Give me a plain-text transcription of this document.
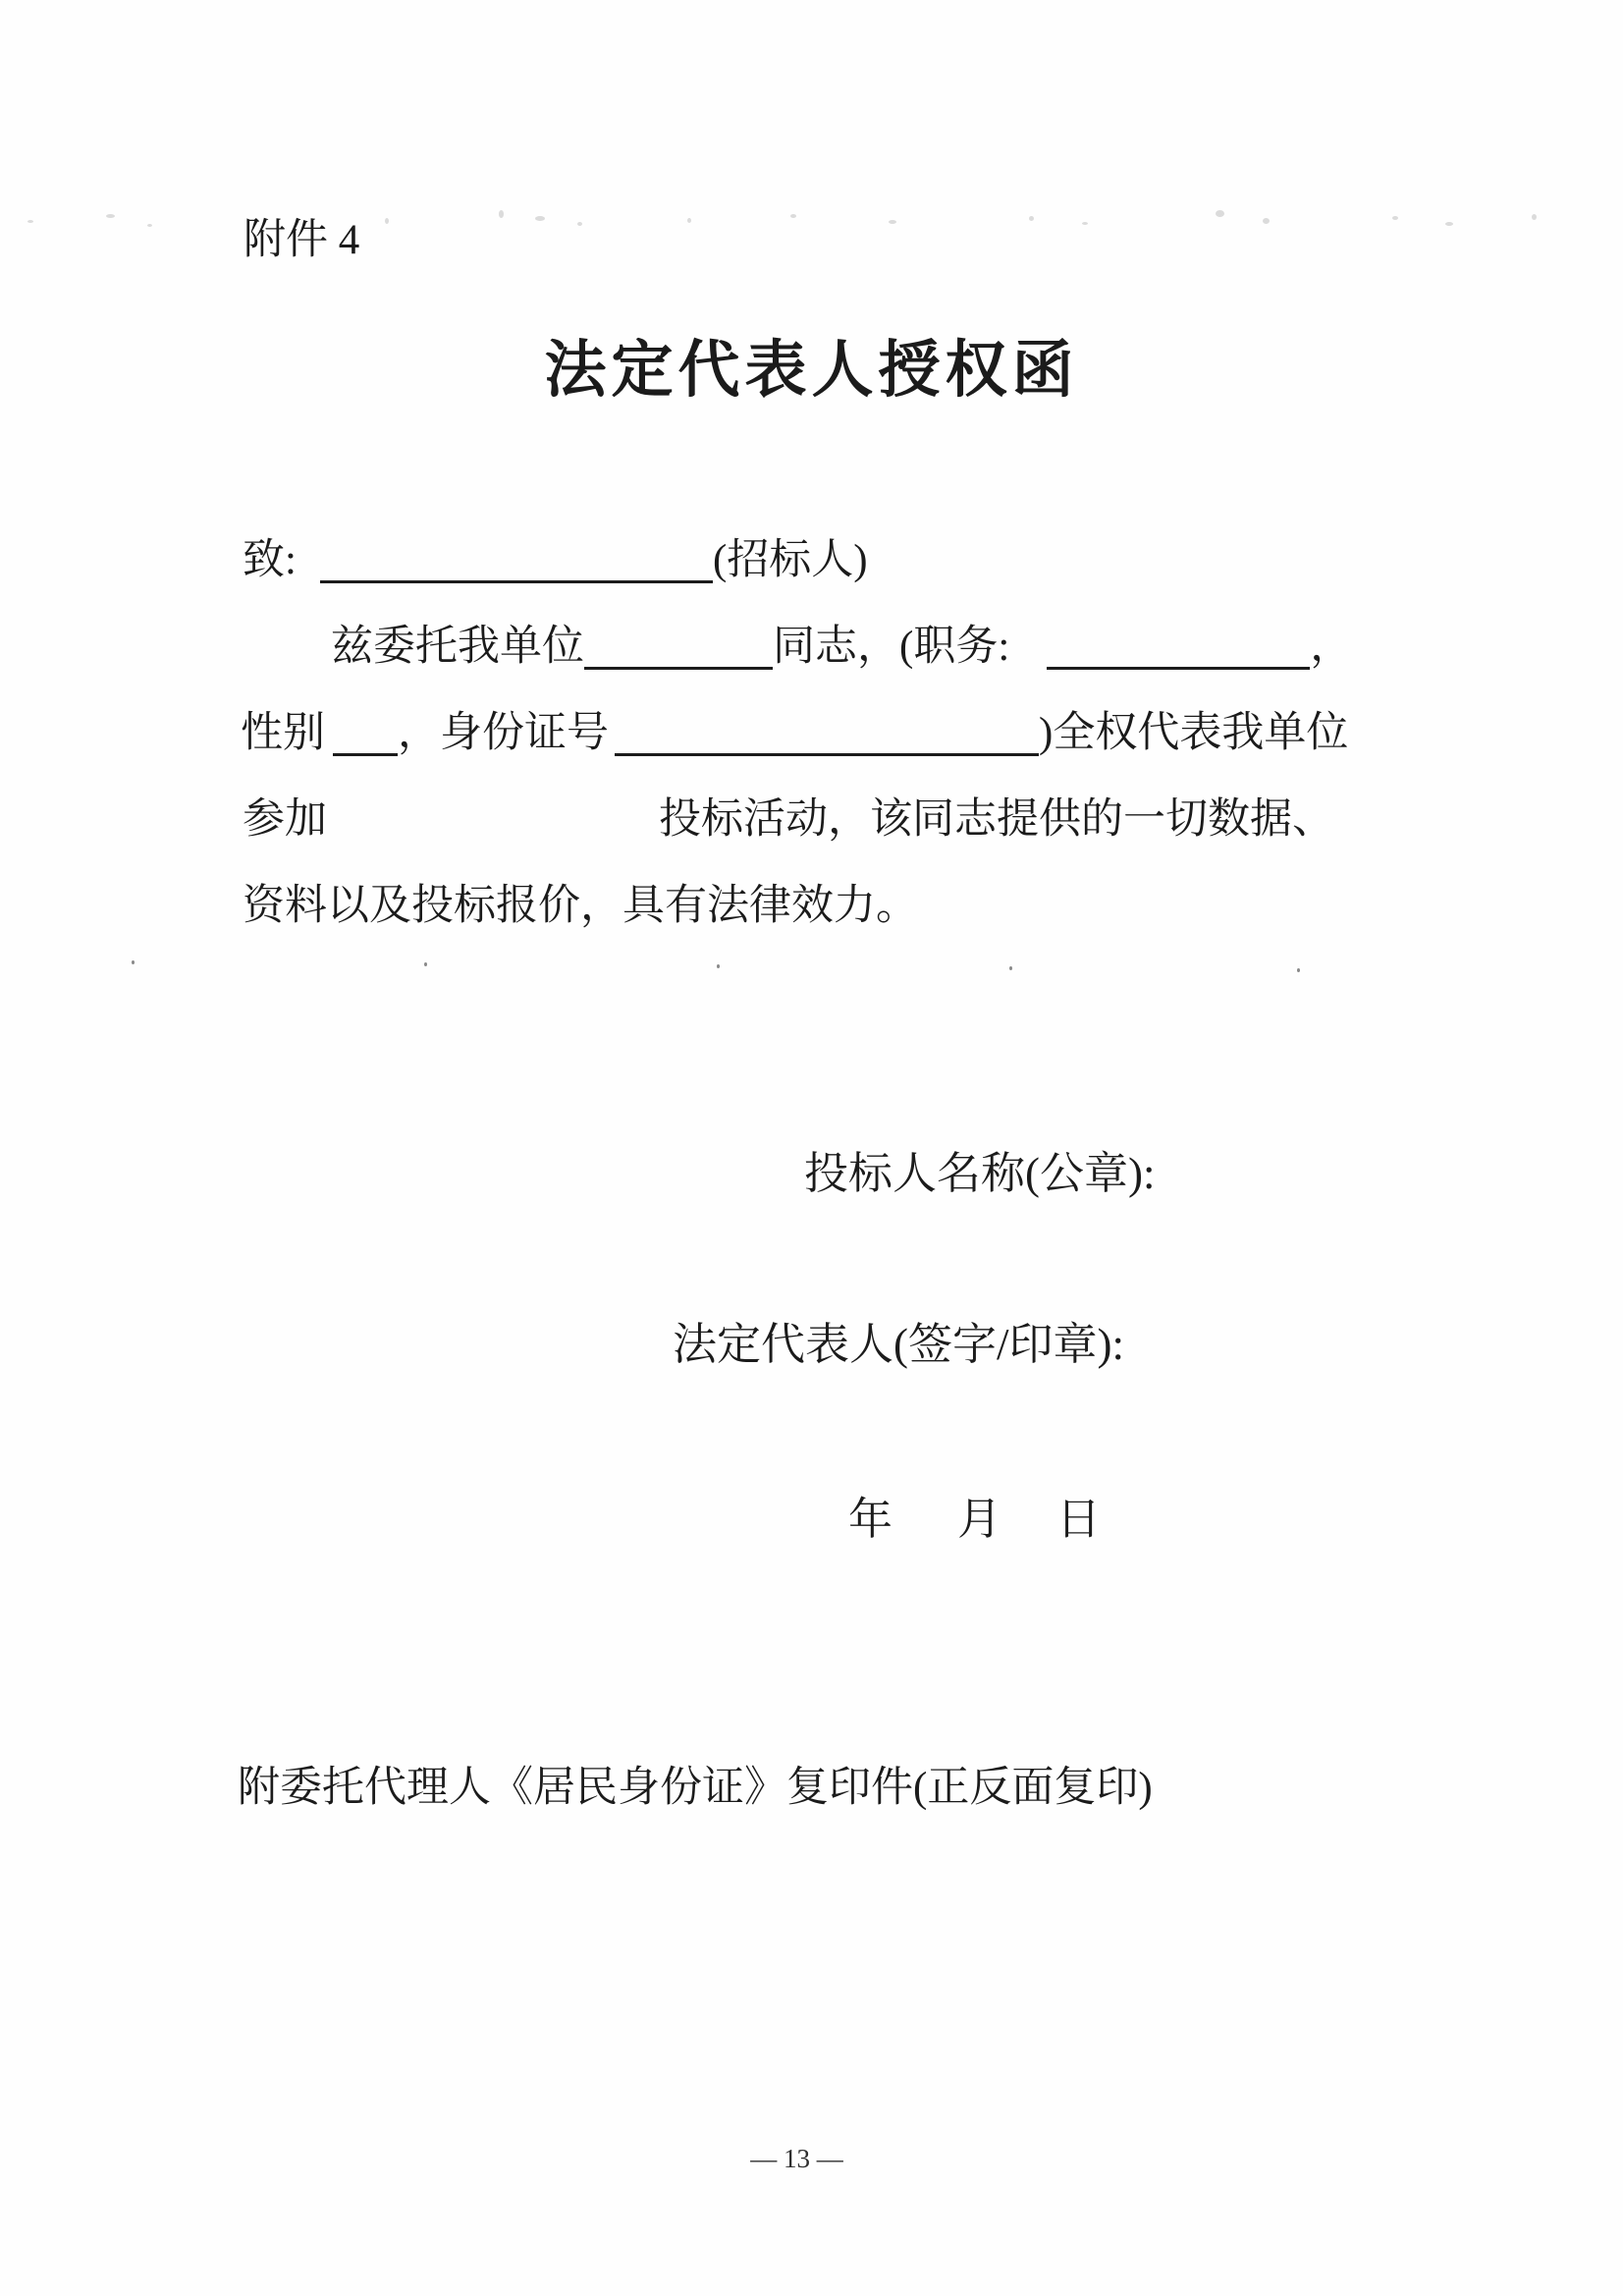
附件 4
法定代表人授权函
致:	(招标人)
兹委托我单位	同志，(职务:	，
性别 ，身份证号	)全权代表我单位
参加	投标活动，该同志提供的一切数据、
资料以及投标报价，具有法律效力。
投标人名称(公章):
法定代表人(签字/印章):
年 月 日
附委托代理人《居民身份证》复印件(正反面复印)
— 13 —
